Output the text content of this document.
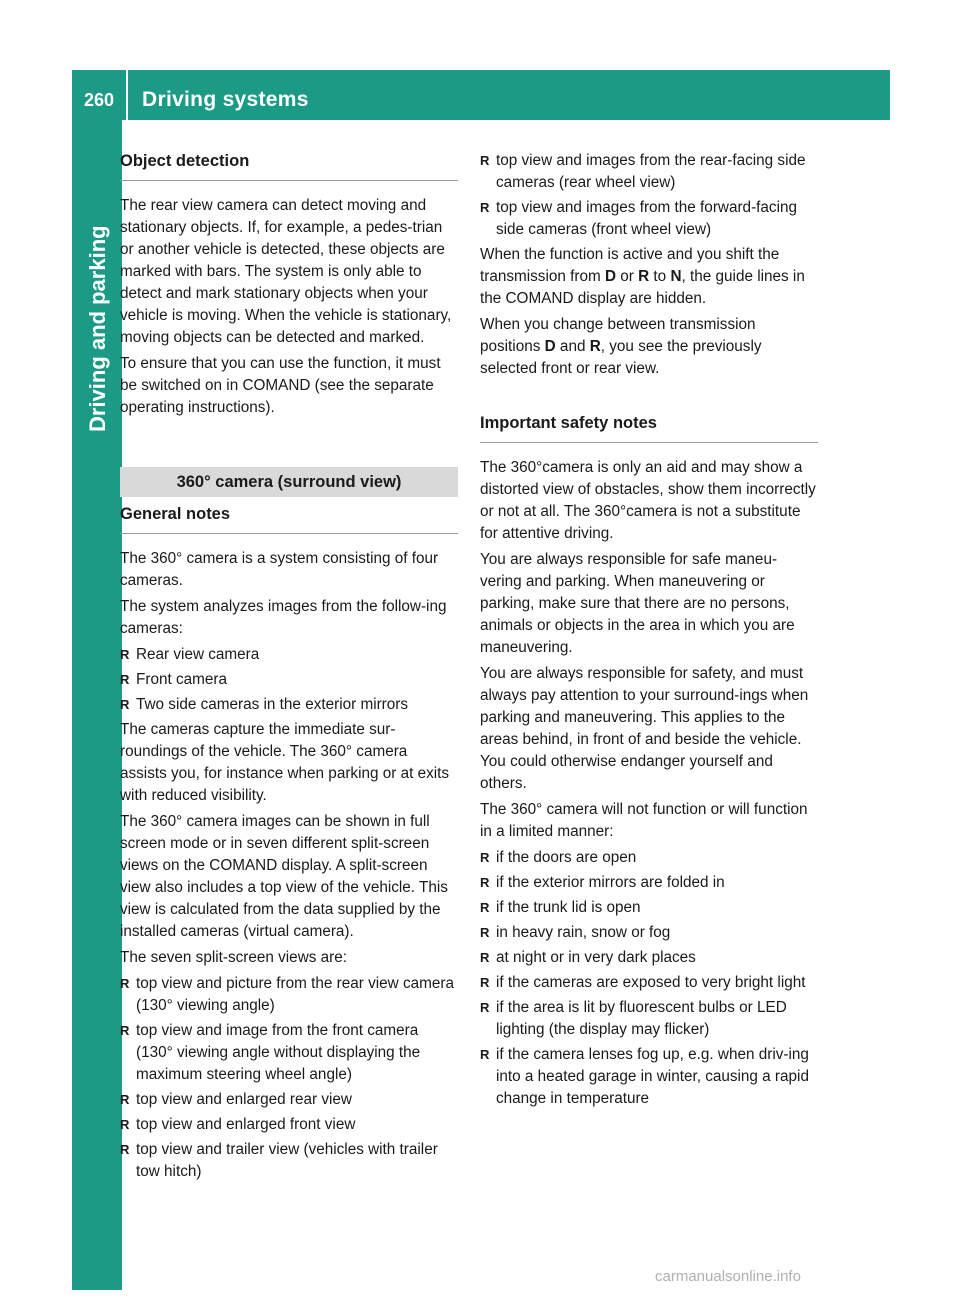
260 Driving systems
Driving and parking
Object detection

The rear view camera can detect moving and stationary objects. If, for example, a pedes-trian or another vehicle is detected, these objects are marked with bars. The system is only able to detect and mark stationary objects when your vehicle is moving. When the vehicle is stationary, moving objects can be detected and marked.

To ensure that you can use the function, it must be switched on in COMAND (see the separate operating instructions).

360° camera (surround view)
General notes

The 360° camera is a system consisting of four cameras.

The system analyzes images from the follow-ing cameras:

R Rear view camera
R Front camera
R Two side cameras in the exterior mirrors

The cameras capture the immediate sur-roundings of the vehicle. The 360° camera assists you, for instance when parking or at exits with reduced visibility.

The 360° camera images can be shown in full screen mode or in seven different split-screen views on the COMAND display. A split-screen view also includes a top view of the vehicle. This view is calculated from the data supplied by the installed cameras (virtual camera).

The seven split-screen views are:

R top view and picture from the rear view camera (130° viewing angle)
R top view and image from the front camera (130° viewing angle without displaying the maximum steering wheel angle)
R top view and enlarged rear view
R top view and enlarged front view
R top view and trailer view (vehicles with trailer tow hitch)
R top view and images from the rear-facing side cameras (rear wheel view)
R top view and images from the forward-facing side cameras (front wheel view)

When the function is active and you shift the transmission from D or R to N, the guide lines in the COMAND display are hidden.

When you change between transmission positions D and R, you see the previously selected front or rear view.

Important safety notes

The 360°camera is only an aid and may show a distorted view of obstacles, show them incorrectly or not at all. The 360°camera is not a substitute for attentive driving.

You are always responsible for safe maneu-vering and parking. When maneuvering or parking, make sure that there are no persons, animals or objects in the area in which you are maneuvering.

You are always responsible for safety, and must always pay attention to your surround-ings when parking and maneuvering. This applies to the areas behind, in front of and beside the vehicle. You could otherwise endanger yourself and others.

The 360° camera will not function or will function in a limited manner:

R if the doors are open
R if the exterior mirrors are folded in
R if the trunk lid is open
R in heavy rain, snow or fog
R at night or in very dark places
R if the cameras are exposed to very bright light
R if the area is lit by fluorescent bulbs or LED lighting (the display may flicker)
R if the camera lenses fog up, e.g. when driv-ing into a heated garage in winter, causing a rapid change in temperature
carmanualsonline.info
